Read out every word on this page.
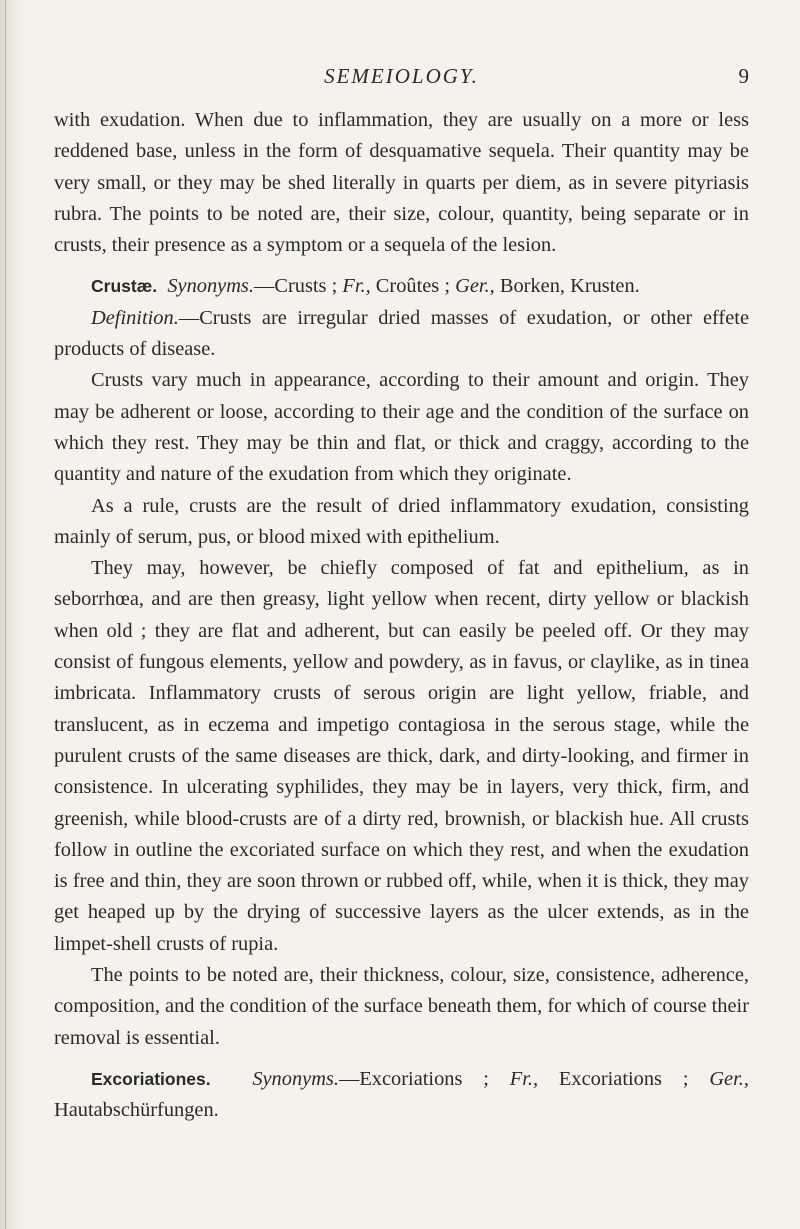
SEMEIOLOGY.	9

with exudation. When due to inflammation, they are usually on a more or less reddened base, unless in the form of desquamative sequela. Their quantity may be very small, or they may be shed literally in quarts per diem, as in severe pityriasis rubra. The points to be noted are, their size, colour, quantity, being separate or in crusts, their presence as a symptom or a sequela of the lesion.

Crustæ. Synonyms.—Crusts ; Fr., Croûtes ; Ger., Borken, Krusten.

Definition.—Crusts are irregular dried masses of exudation, or other effete products of disease.

Crusts vary much in appearance, according to their amount and origin. They may be adherent or loose, according to their age and the condition of the surface on which they rest. They may be thin and flat, or thick and craggy, according to the quantity and nature of the exudation from which they originate.

As a rule, crusts are the result of dried inflammatory exudation, consisting mainly of serum, pus, or blood mixed with epithelium.

They may, however, be chiefly composed of fat and epithelium, as in seborrhœa, and are then greasy, light yellow when recent, dirty yellow or blackish when old ; they are flat and adherent, but can easily be peeled off. Or they may consist of fungous elements, yellow and powdery, as in favus, or claylike, as in tinea imbricata. Inflammatory crusts of serous origin are light yellow, friable, and translucent, as in eczema and impetigo contagiosa in the serous stage, while the purulent crusts of the same diseases are thick, dark, and dirty-looking, and firmer in consistence. In ulcerating syphilides, they may be in layers, very thick, firm, and greenish, while blood-crusts are of a dirty red, brownish, or blackish hue. All crusts follow in outline the excoriated surface on which they rest, and when the exudation is free and thin, they are soon thrown or rubbed off, while, when it is thick, they may get heaped up by the drying of successive layers as the ulcer extends, as in the limpet-shell crusts of rupia.

The points to be noted are, their thickness, colour, size, consistence, adherence, composition, and the condition of the surface beneath them, for which of course their removal is essential.

Excoriationes. Synonyms.—Excoriations ; Fr., Excoriations ; Ger., Hautabschürfungen.
